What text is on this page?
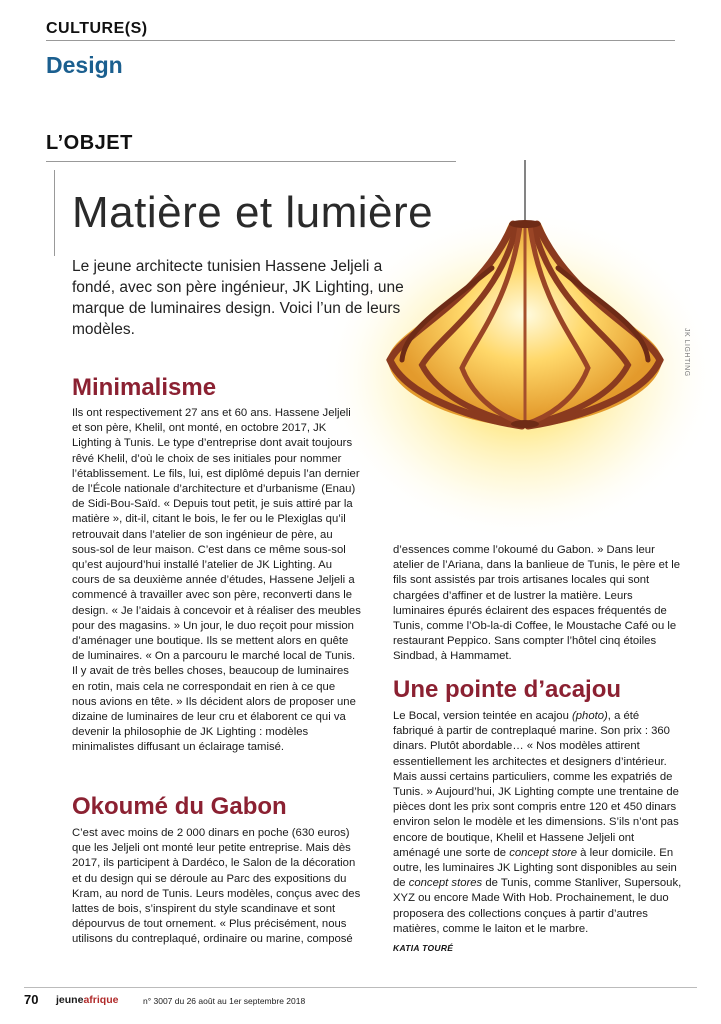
CULTURE(S)
Design
L’OBJET
Matière et lumière
Le jeune architecte tunisien Hassene Jeljeli a fondé, avec son père ingénieur, JK Lighting, une marque de luminaires design. Voici l’un de leurs modèles.	JK LIGHTING
Minimalisme
Ils ont respectivement 27 ans et 60 ans. Hassene Jeljeli et son père, Khelil, ont monté, en octobre 2017, JK Lighting à Tunis. Le type d’entreprise dont avait toujours rêvé Khelil, d’où le choix de ses initiales pour nommer l’établissement. Le fils, lui, est diplômé depuis l’an dernier de l’École nationale d’architecture et d’urbanisme (Enau) de Sidi-Bou-Saïd. « Depuis tout petit, je suis attiré par la matière », dit-il, citant le bois, le fer ou le Plexiglas qu’il retrouvait dans l’atelier de son ingénieur de père, au sous-sol de leur maison. C’est dans ce même sous-sol qu’est aujourd’hui installé l’atelier de JK Lighting. Au cours de sa deuxième année d’études, Hassene Jeljeli a commencé à travailler avec son père, reconverti dans le design. « Je l’aidais à concevoir et à réaliser des meubles pour des magasins. » Un jour, le duo reçoit pour mission d’aménager une boutique. Ils se mettent alors en quête de luminaires. « On a parcouru le marché local de Tunis. Il y avait de très belles choses, beaucoup de luminaires en rotin, mais cela ne correspondait en rien à ce que nous avions en tête. » Ils décident alors de proposer une dizaine de luminaires de leur cru et élaborent ce qui va devenir la philosophie de JK Lighting : modèles minimalistes diffusant un éclairage tamisé.
Okoumé du Gabon
C’est avec moins de 2 000 dinars en poche (630 euros) que les Jeljeli ont monté leur petite entreprise. Mais dès 2017, ils participent à Dardéco, le Salon de la décoration et du design qui se déroule au Parc des expositions du Kram, au nord de Tunis. Leurs modèles, conçus avec des lattes de bois, s’inspirent du style scandinave et sont dépourvus de tout ornement. « Plus précisément, nous utilisons du contreplaqué, ordinaire ou marine, composé
d’essences comme l’okoumé du Gabon. » Dans leur atelier de l’Ariana, dans la banlieue de Tunis, le père et le fils sont assistés par trois artisanes locales qui sont chargées d’affiner et de lustrer la matière. Leurs luminaires épurés éclairent des espaces fréquentés de Tunis, comme l’Ob-la-di Coffee, le Moustache Café ou le restaurant Peppico. Sans compter l’hôtel cinq étoiles Sindbad, à Hammamet.
Une pointe d’acajou
Le Bocal, version teintée en acajou (photo), a été fabriqué à partir de contreplaqué marine. Son prix : 360 dinars. Plutôt abordable… « Nos modèles attirent essentiellement les architectes et designers d’intérieur. Mais aussi certains particuliers, comme les expatriés de Tunis. » Aujourd’hui, JK Lighting compte une trentaine de pièces dont les prix sont compris entre 120 et 450 dinars environ selon le modèle et les dimensions. S’ils n’ont pas encore de boutique, Khelil et Hassene Jeljeli ont aménagé une sorte de concept store à leur domicile. En outre, les luminaires JK Lighting sont disponibles au sein de concept stores de Tunis, comme Stanliver, Supersouk, XYZ ou encore Made With Hob. Prochainement, le duo proposera des collections conçues à partir d’autres matières, comme le laiton et le marbre.
KATIA TOURÉ
70 jeuneafrique	n° 3007 du 26 août au 1er septembre 2018
